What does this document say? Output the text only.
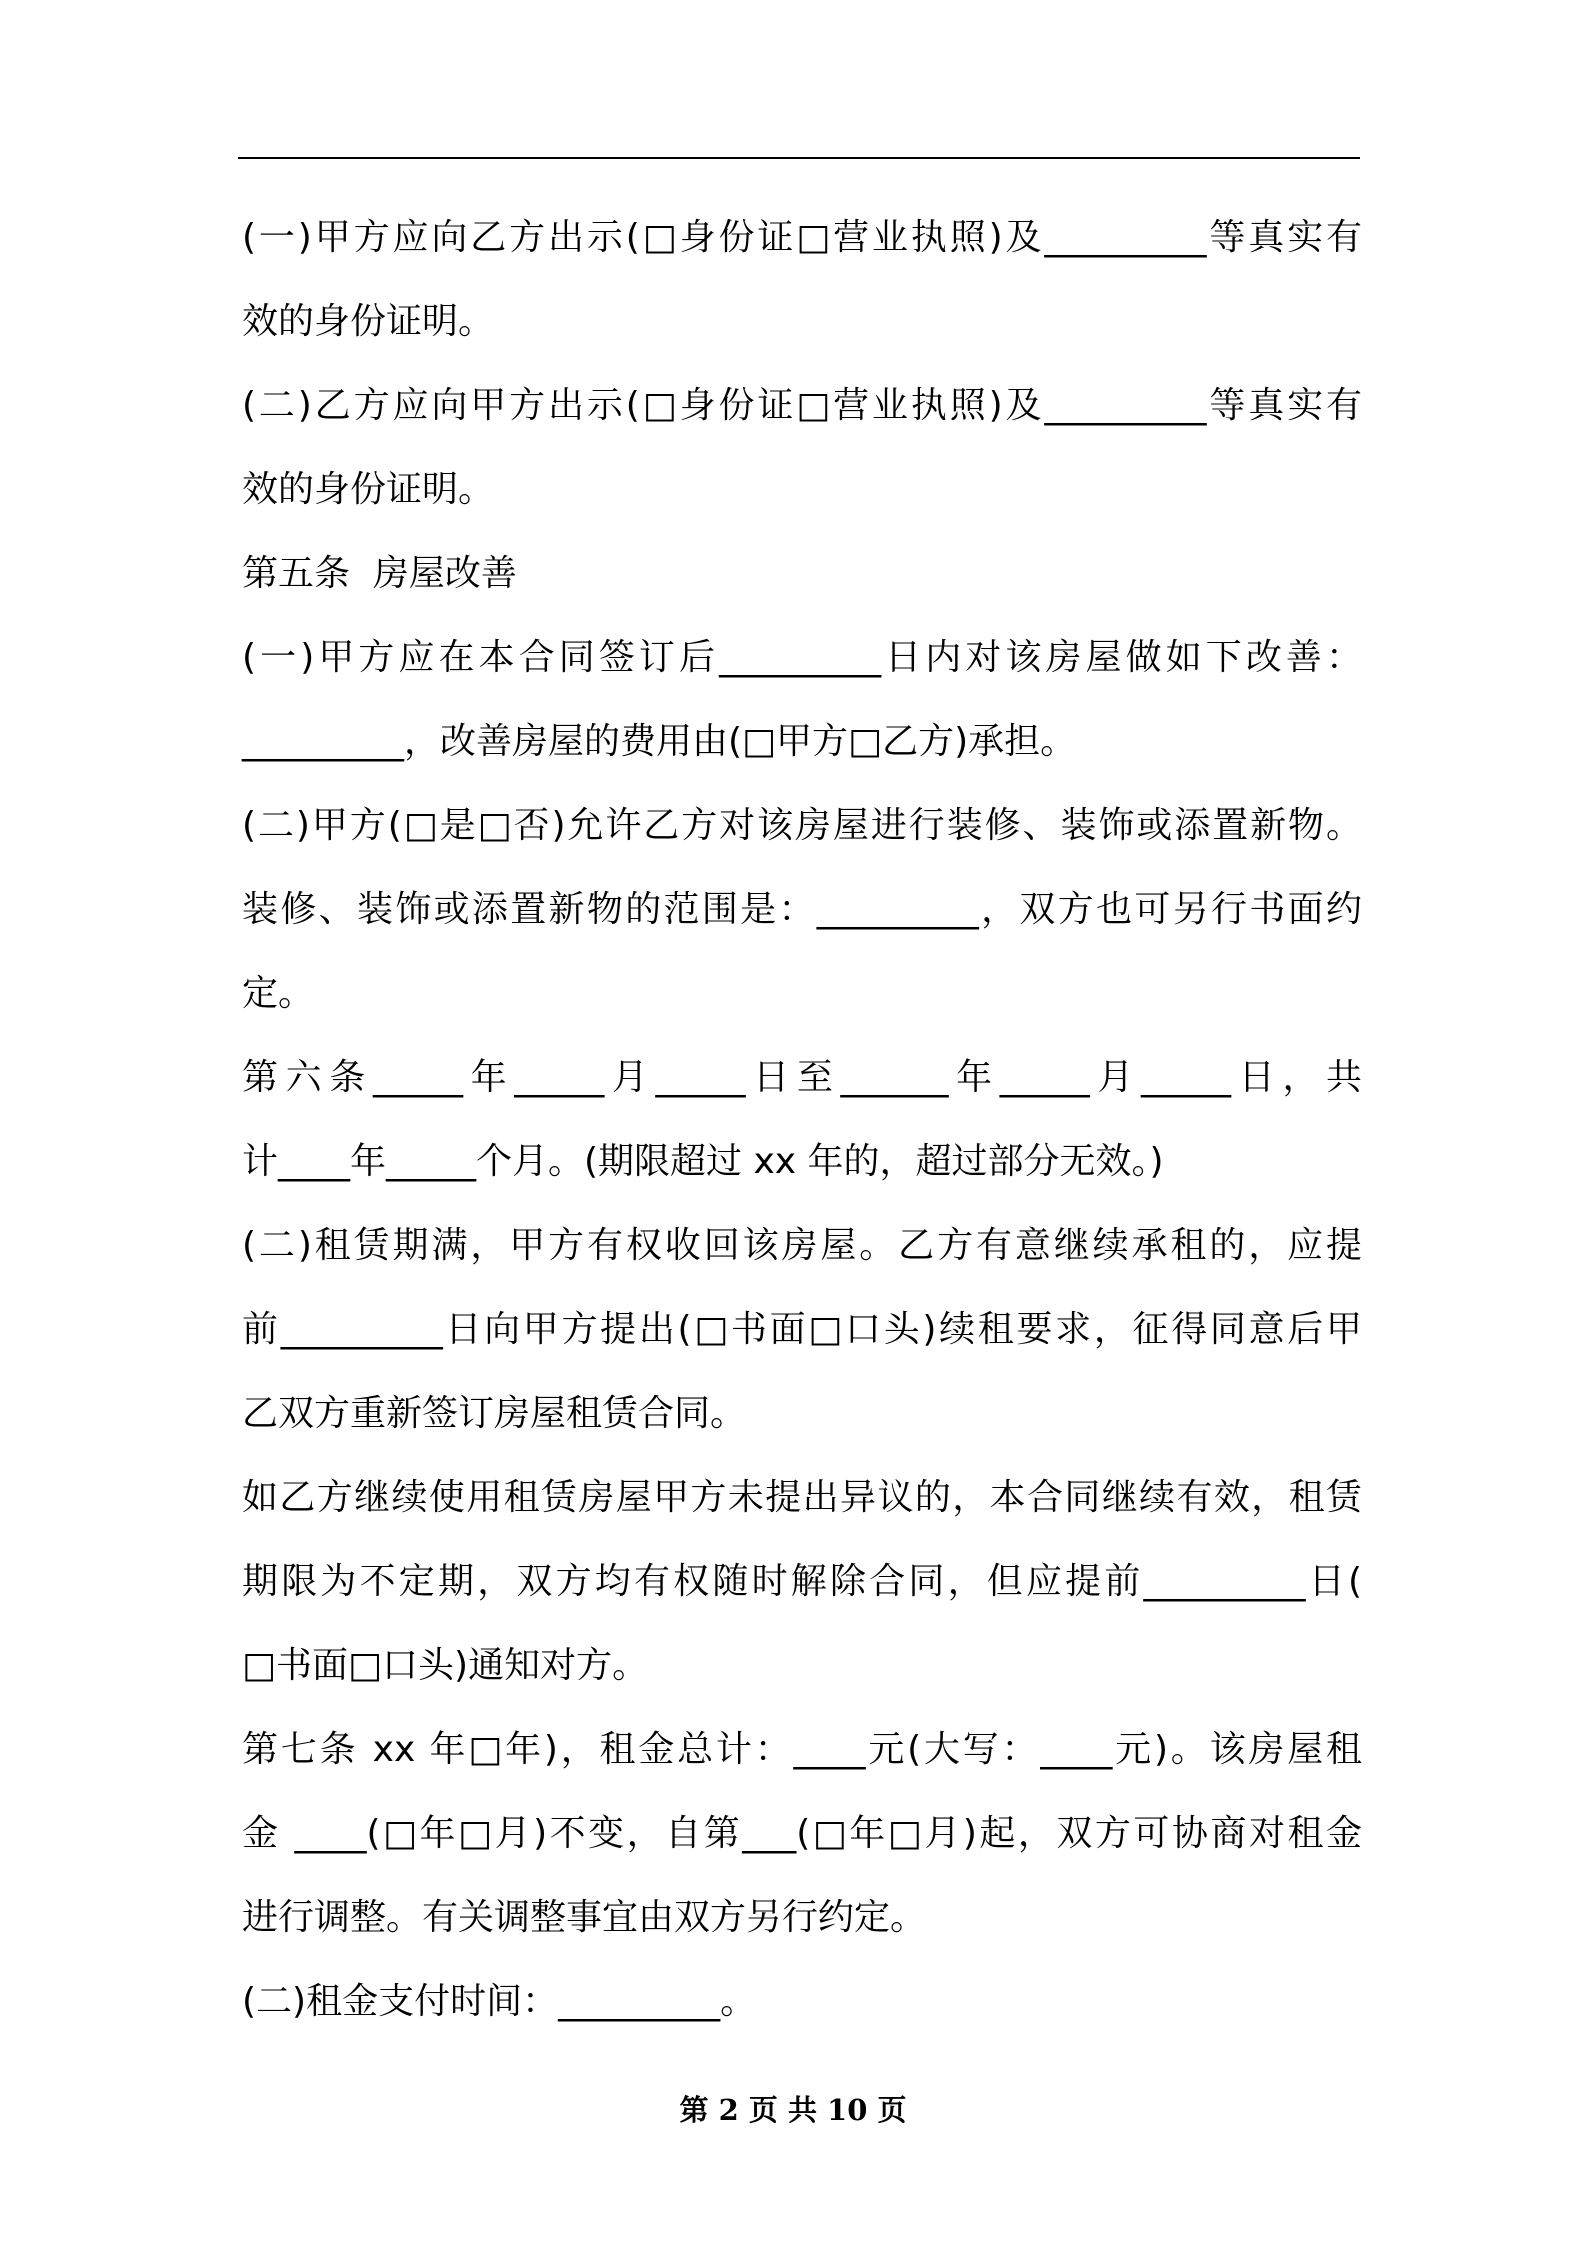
(一)甲方应向乙方出示(□身份证□营业执照)及_________等真实有
效的身份证明。
(二)乙方应向甲方出示(□身份证□营业执照)及_________等真实有
效的身份证明。
第五条  房屋改善
(一)甲方应在本合同签订后_________日内对该房屋做如下改善：
_________，改善房屋的费用由(□甲方□乙方)承担。
(二)甲方(□是□否)允许乙方对该房屋进行装修、装饰或添置新物。
装修、装饰或添置新物的范围是：_________，双方也可另行书面约
定。
第六条_____年_____月_____日至______年_____月_____日，共
计____年_____个月。(期限超过 xx 年的，超过部分无效。)
(二)租赁期满，甲方有权收回该房屋。乙方有意继续承租的，应提
前_________日向甲方提出(□书面□口头)续租要求，征得同意后甲
乙双方重新签订房屋租赁合同。
如乙方继续使用租赁房屋甲方未提出异议的，本合同继续有效，租赁
期限为不定期，双方均有权随时解除合同，但应提前_________日(
□书面□口头)通知对方。
第七条 xx 年□年)，租金总计：____元(大写：____元)。该房屋租
金 ____(□年□月)不变，自第___(□年□月)起，双方可协商对租金
进行调整。有关调整事宜由双方另行约定。
(二)租金支付时间：_________。
第 2 页 共 10 页
